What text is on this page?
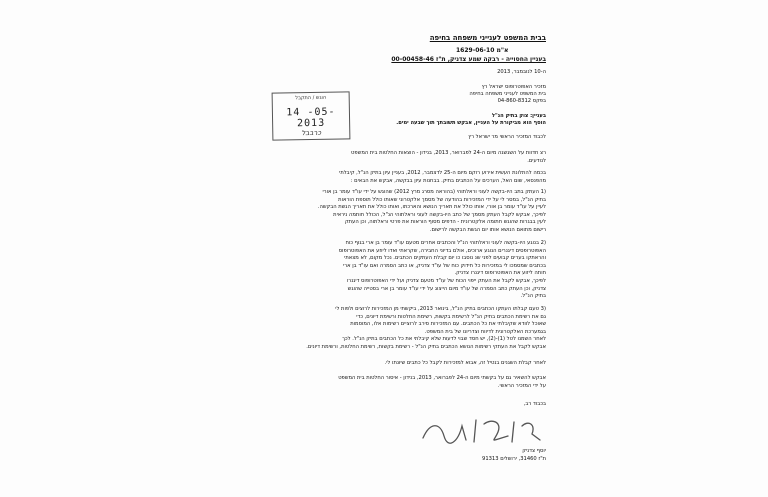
בבית המשפט לענייני משפחה בחיפה
א"מ 1629-06-10
בעניין החסוייה - רבקה שמע צדניק, ת"ז 00-00458-46
ה-10 לנובמבר, 2013
מזכיר האפוטרופוס ישראל רץ
בית המשפט לענייני משפחה בחיפה
בפקס 04-860-8312
הוגש / התקבל
14 -05- 2013
כרבבל
בעניין: צוק בתיק הנ"ל
הוסף הוא מביקורת על העניין, אבקש תשובתך תוך שבעה ימים.
לכבוד המזכיר הראשי מר ישראל רץ
רצ חדוות על השגשגה מיום ה-24 לפברואר, 2013, בנידון - הוצאות החלטות בית המשפט
לנודעים.
בכמה להתלונת העשית אירוע רוקם מיום ה-25 לדצמבר, 2012, בעניין עיון בתיק הנ"ל, קיבלתי
מהפנסאי, שום האל, הערכים על הכתבים בתיק. בבחנות עיון בבקשה, אבקש את הבאים :
(1 העתק בתב היו-בקשה לעוני וראלתוהי (בהוראה מסרג מרץ 2012) שהוגש על ידי עו"ד עומר בן אורי
בתיק הנ"ל, במסר לי על ידי המזכירות בהודעה של מסמך אלקטרוני שאותו כולל תוספת הוראות
לעיין על עו"ד עומר בן אורי, אותו כולל את תאריך הנושא והארכתו, ואותו כולל את תאריך הגשת הבקשה.
לפיכך, אבקש לקבל העתק מסמך של כתב היו-בקשה לעוני וראלתוהי הנ"ל, הכולל חותמה ניראית
לעין בבגרות שהוגש חתומה אלקטרונית - הדפים מסוף הוראות את פרטי וראלתוה, וכן העתק
רישום מתואם הנושא אותו יום הגשת הבקשה לרישום.
(2 בנוגע היו-בקשה לעוני וראלתוהי הנ"ל והכתבים אחרים מטעם עו"ד עומר בן ארי בגוף כוח
האפוטרופסים דיגנרים הנוגע ארוכים, אולם בדיוני החבירה, שקראתי ואדו ליוזע את האפוטרופוס
והראתקו בערים קבועים לפני שנ נוסבו כו יום קבלת העתקים הכתבים. נכל מקום, לא מצאתי
בכתבים שמסמכו לי במזכירות כל חידוק כוח של עו"ד צדניק, או כתב הסמרה ואם עו"ד בן ארי
חותה ליזוע את האפוטרופוס דיגנרו צדניק.
לפיכך, אבקש לקבל את העתק ייפוי הכוח של עו"ד מטעם צדניק ועל ידי האפוטרופוס דיגנרו
צדניק, וכן העתק כתב הסמרה של עו"ד מיום הייצוג על ידי עו"ד עומר בן ארי בסטייה שהוגש
בתיק הנ"ל.
(3 טעם קבלתו העתקו הכתבים בתיק הנ"ל, בינואר 2013, ביקשתי מן המזכירות לרוצים ולפות לי
גם את רשימת הכתבים בתיק הנ"ל לרשימת בקשות, רשימת החלטות ורשימת דיונים, כדי
שאוכל לוודא שקיבלתי את כל הכתבים. עם המזכירות סירב לרוציים רשימות אלו, המוסמות
בגמערכת האלקטרונית לדיווח וצדריונו של בית המשפט.
לאחר השמנו לטל (1)-(2), יש חסד שבוי לדעות שלא קיבלתי את כל הכתבים בתיק הנ"ל. לכך
אבקש לקבל את העתקי רשימות הנושא הכתבים בתיק הנ"ל - רשימת בקשות, רשימת החלטות, ורשימת דיונים.
לאחר קבלת השגנים בנטיל זה, אבוא למזכירות לקבל כל כתבים שיונתו לי.
אבקש להשאיר גם על בקשתי מיום ה-24 לפברואר, 2013, בנידון - איסור החלטות בית המשפט
על ידי המזכיר הראשי.
בכבוד רב,
יוסף צדניק
ת"ז 31460, ירושלים 91313
